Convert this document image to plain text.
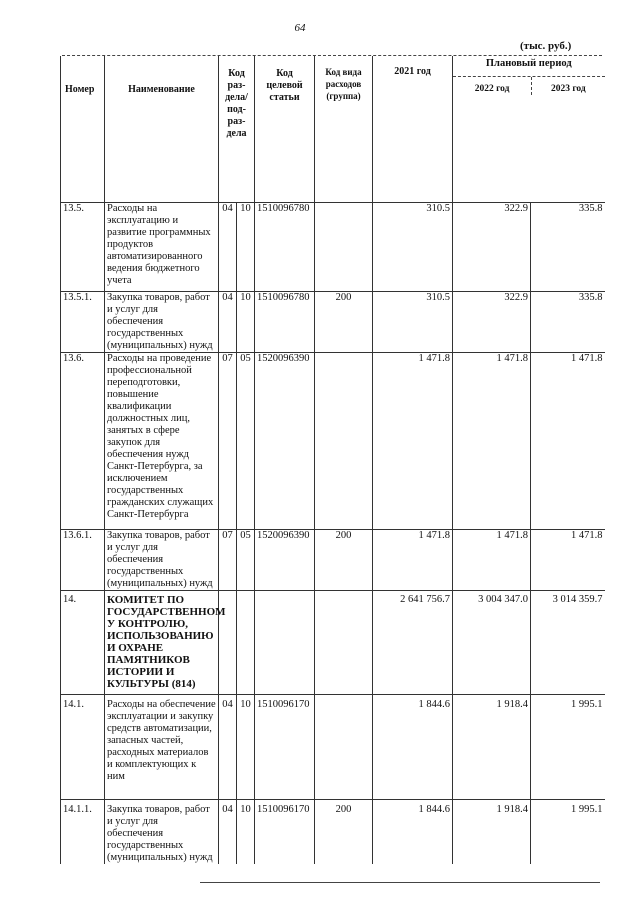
64
(тыс. руб.)
Номер	Наименование	Код раз-дела/ под-раз-дела		Код целевой статьи	Код вида расходов (группа)	2021 год	Плановый период
2022 год 2023 год	

13.5.	Расходы на эксплуатацию и развитие программных продуктов автоматизированного ведения бюджетного учета	04	10	1510096780		310.5	322.9	335.8
13.5.1.	Закупка товаров, работ и услуг для обеспечения государственных (муниципальных) нужд	04	10	1510096780	200	310.5	322.9	335.8
13.6.	Расходы на проведение профессиональной переподготовки, повышение квалификации должностных лиц, занятых в сфере закупок для обеспечения нужд Санкт-Петербурга, за исключением государственных гражданских служащих Санкт-Петербурга	07	05	1520096390		1 471.8	1 471.8	1 471.8
13.6.1.	Закупка товаров, работ и услуг для обеспечения государственных (муниципальных) нужд	07	05	1520096390	200	1 471.8	1 471.8	1 471.8
14.	КОМИТЕТ ПО ГОСУДАРСТВЕННОМ У КОНТРОЛЮ, ИСПОЛЬЗОВАНИЮ И ОХРАНЕ ПАМЯТНИКОВ ИСТОРИИ И КУЛЬТУРЫ (814)					2 641 756.7	3 004 347.0	3 014 359.7
14.1.	Расходы на обеспечение эксплуатации и закупку средств автоматизации, запасных частей, расходных материалов и комплектующих к ним	04	10	1510096170		1 844.6	1 918.4	1 995.1
14.1.1.	Закупка товаров, работ и услуг для обеспечения государственных (муниципальных) нужд	04	10	1510096170	200	1 844.6	1 918.4	1 995.1
